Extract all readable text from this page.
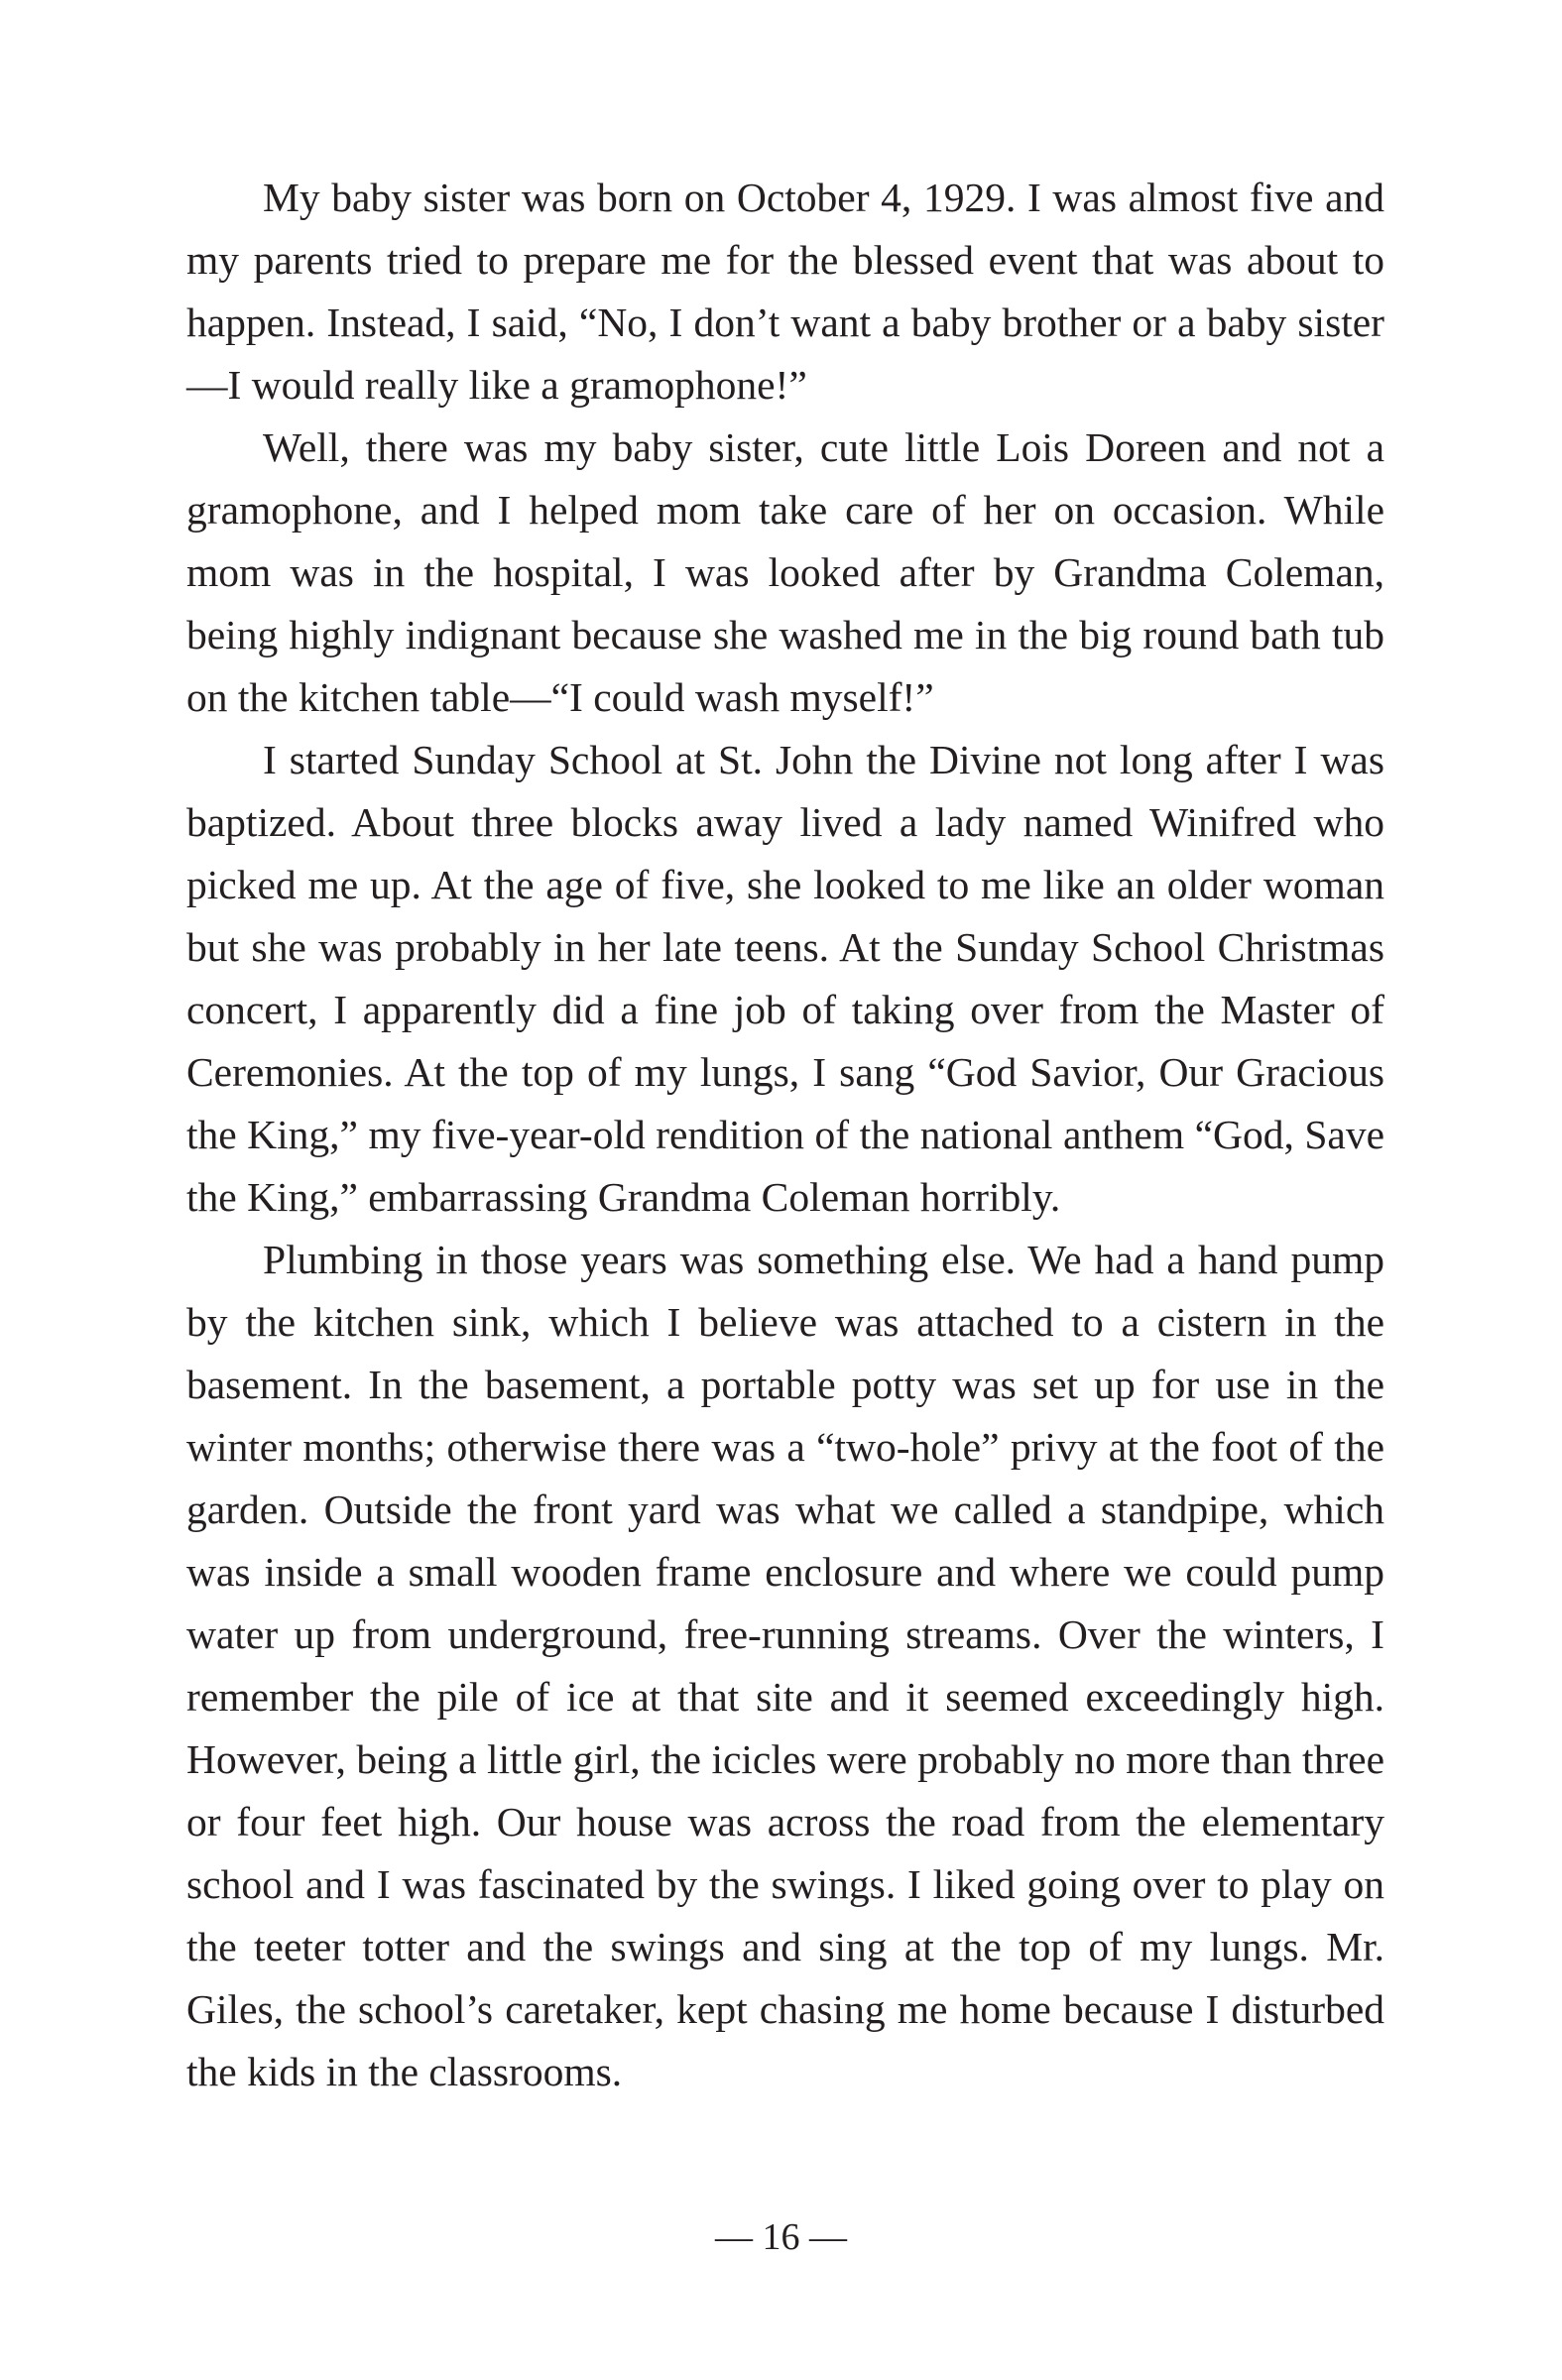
My baby sister was born on October 4, 1929. I was almost five and my parents tried to prepare me for the blessed event that was about to happen. Instead, I said, “No, I don’t want a baby brother or a baby sister—I would really like a gramophone!”

Well, there was my baby sister, cute little Lois Doreen and not a gramophone, and I helped mom take care of her on occasion. While mom was in the hospital, I was looked after by Grandma Coleman, being highly indignant because she washed me in the big round bath tub on the kitchen table—“I could wash myself!”

I started Sunday School at St. John the Divine not long after I was baptized. About three blocks away lived a lady named Winifred who picked me up. At the age of five, she looked to me like an older woman but she was probably in her late teens. At the Sunday School Christmas concert, I apparently did a fine job of taking over from the Master of Ceremonies. At the top of my lungs, I sang “God Savior, Our Gracious the King,” my five-year-old rendition of the national anthem “God, Save the King,” embarrassing Grandma Coleman horribly.

Plumbing in those years was something else. We had a hand pump by the kitchen sink, which I believe was attached to a cistern in the basement. In the basement, a portable potty was set up for use in the winter months; otherwise there was a “two-hole” privy at the foot of the garden. Outside the front yard was what we called a standpipe, which was inside a small wooden frame enclosure and where we could pump water up from underground, free-running streams. Over the winters, I remember the pile of ice at that site and it seemed exceedingly high. However, being a little girl, the icicles were probably no more than three or four feet high. Our house was across the road from the elementary school and I was fascinated by the swings. I liked going over to play on the teeter totter and the swings and sing at the top of my lungs. Mr. Giles, the school’s caretaker, kept chasing me home because I disturbed the kids in the classrooms.

— 16 —
